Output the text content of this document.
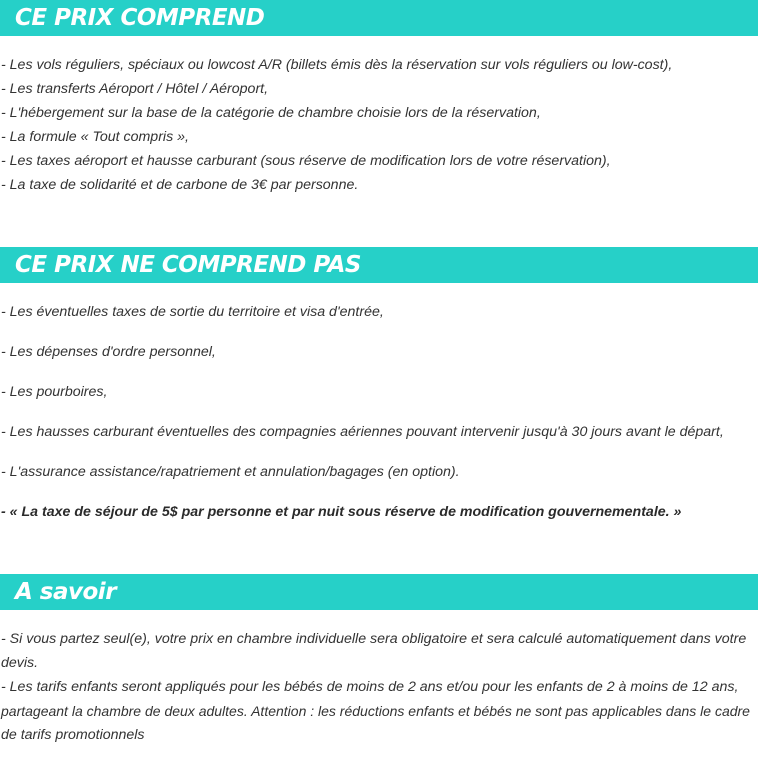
CE PRIX COMPREND
- Les vols réguliers, spéciaux ou lowcost A/R (billets émis dès la réservation sur vols réguliers ou low-cost),
- Les transferts Aéroport / Hôtel / Aéroport,
- L'hébergement sur la base de la catégorie de chambre choisie lors de la réservation,
- La formule « Tout compris »,
- Les taxes aéroport et hausse carburant (sous réserve de modification lors de votre réservation),
- La taxe de solidarité et de carbone de 3€ par personne.
CE PRIX NE COMPREND PAS
- Les éventuelles taxes de sortie du territoire et visa d'entrée,
- Les dépenses d'ordre personnel,
- Les pourboires,
- Les hausses carburant éventuelles des compagnies aériennes pouvant intervenir jusqu'à 30 jours avant le départ,
- L'assurance assistance/rapatriement et annulation/bagages (en option).
- « La taxe de séjour de 5$ par personne et par nuit sous réserve de modification gouvernementale. »
A savoir
- Si vous partez seul(e), votre prix en chambre individuelle sera obligatoire et sera calculé automatiquement dans votre
devis.
- Les tarifs enfants seront appliqués pour les bébés de moins de 2 ans et/ou pour les enfants de 2 à moins de 12 ans,
partageant la chambre de deux adultes. Attention : les réductions enfants et bébés ne sont pas applicables dans le cadre
de tarifs promotionnels
